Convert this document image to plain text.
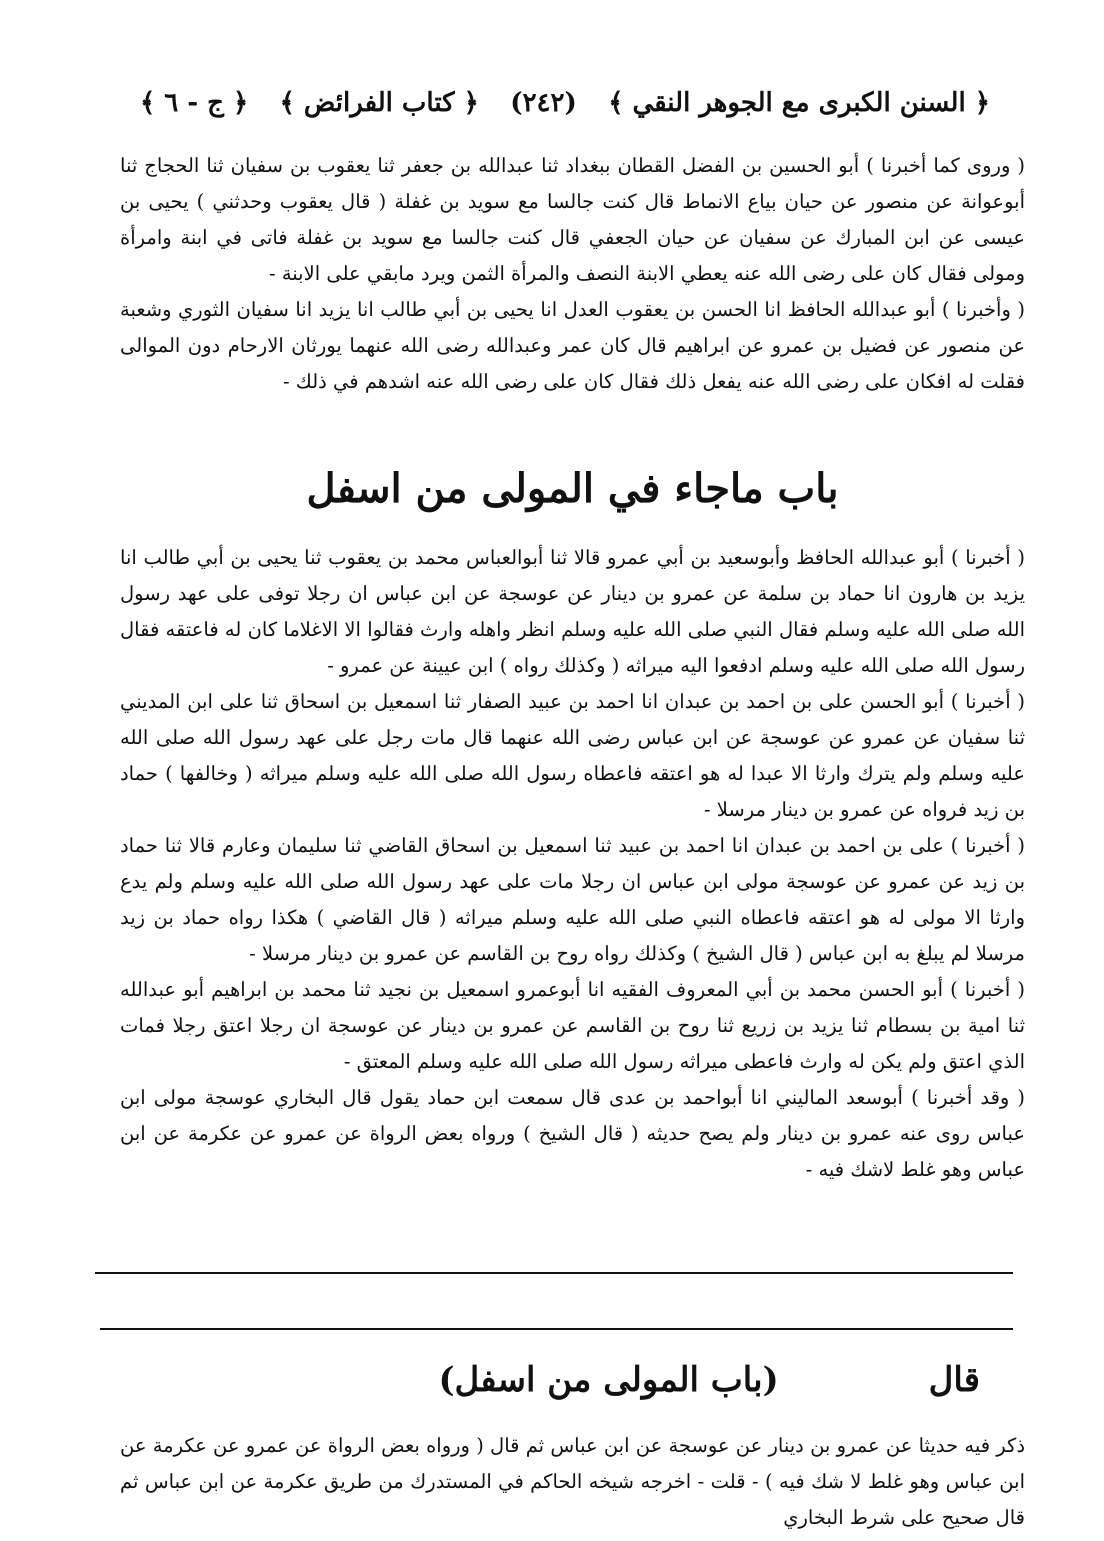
﴿ السنن الكبرى مع الجوهر النقي ﴾
(٢٤٢)
﴿ كتاب الفرائض ﴾
﴿ ج - ٦ ﴾

( وروى كما أخبرنا ) أبو الحسين بن الفضل القطان ببغداد ثنا عبدالله بن جعفر ثنا يعقوب بن سفيان ثنا الحجاج ثنا أبوعوانة عن منصور عن حيان بياع الانماط قال كنت جالسا مع سويد بن غفلة ( قال يعقوب وحدثني ) يحيى بن عيسى عن ابن المبارك عن سفيان عن حيان الجعفي قال كنت جالسا مع سويد بن غفلة فاتى في ابنة وامرأة ومولى فقال كان على رضى الله عنه يعطي الابنة النصف والمرأة الثمن ويرد مابقي على الابنة -

( وأخبرنا ) أبو عبدالله الحافظ انا الحسن بن يعقوب العدل انا يحيى بن أبي طالب انا يزيد انا سفيان الثوري وشعبة عن منصور عن فضيل بن عمرو عن ابراهيم قال كان عمر وعبدالله رضى الله عنهما يورثان الارحام دون الموالى فقلت له افكان على رضى الله عنه يفعل ذلك فقال كان على رضى الله عنه اشدهم في ذلك -

باب ماجاء في المولى من اسفل

( أخبرنا ) أبو عبدالله الحافظ وأبوسعيد بن أبي عمرو قالا ثنا أبوالعباس محمد بن يعقوب ثنا يحيى بن أبي طالب انا يزيد بن هارون انا حماد بن سلمة عن عمرو بن دينار عن عوسجة عن ابن عباس ان رجلا توفى على عهد رسول الله صلى الله عليه وسلم فقال النبي صلى الله عليه وسلم انظر واهله وارث فقالوا الا الاغلاما كان له فاعتقه فقال رسول الله صلى الله عليه وسلم ادفعوا اليه ميراثه ( وكذلك رواه ) ابن عيينة عن عمرو -

( أخبرنا ) أبو الحسن على بن احمد بن عبدان انا احمد بن عبيد الصفار ثنا اسمعيل بن اسحاق ثنا على ابن المديني ثنا سفيان عن عمرو عن عوسجة عن ابن عباس رضى الله عنهما قال مات رجل على عهد رسول الله صلى الله عليه وسلم ولم يترك وارثا الا عبدا له هو اعتقه فاعطاه رسول الله صلى الله عليه وسلم ميراثه ( وخالفها ) حماد بن زيد فرواه عن عمرو بن دينار مرسلا -

( أخبرنا ) على بن احمد بن عبدان انا احمد بن عبيد ثنا اسمعيل بن اسحاق القاضي ثنا سليمان وعارم قالا ثنا حماد بن زيد عن عمرو عن عوسجة مولى ابن عباس ان رجلا مات على عهد رسول الله صلى الله عليه وسلم ولم يدع وارثا الا مولى له هو اعتقه فاعطاه النبي صلى الله عليه وسلم ميراثه ( قال القاضي ) هكذا رواه حماد بن زيد مرسلا لم يبلغ به ابن عباس ( قال الشيخ ) وكذلك رواه روح بن القاسم عن عمرو بن دينار مرسلا -

( أخبرنا ) أبو الحسن محمد بن أبي المعروف الفقيه انا أبوعمرو اسمعيل بن نجيد ثنا محمد بن ابراهيم أبو عبدالله ثنا امية بن بسطام ثنا يزيد بن زريع ثنا روح بن القاسم عن عمرو بن دينار عن عوسجة ان رجلا اعتق رجلا فمات الذي اعتق ولم يكن له وارث فاعطى ميراثه رسول الله صلى الله عليه وسلم المعتق -

( وقد أخبرنا ) أبوسعد الماليني انا أبواحمد بن عدى قال سمعت ابن حماد يقول قال البخاري عوسجة مولى ابن عباس روى عنه عمرو بن دينار ولم يصح حديثه ( قال الشيخ ) ورواه بعض الرواة عن عمرو عن عكرمة عن ابن عباس وهو غلط لاشك فيه -

قال
(باب المولى من اسفل)

ذكر فيه حديثا عن عمرو بن دينار عن عوسجة عن ابن عباس ثم قال ( ورواه بعض الرواة عن عمرو عن عكرمة عن ابن عباس وهو غلط لا شك فيه ) - قلت - اخرجه شيخه الحاكم في المستدرك من طريق عكرمة عن ابن عباس ثم قال صحيح على شرط البخاري
